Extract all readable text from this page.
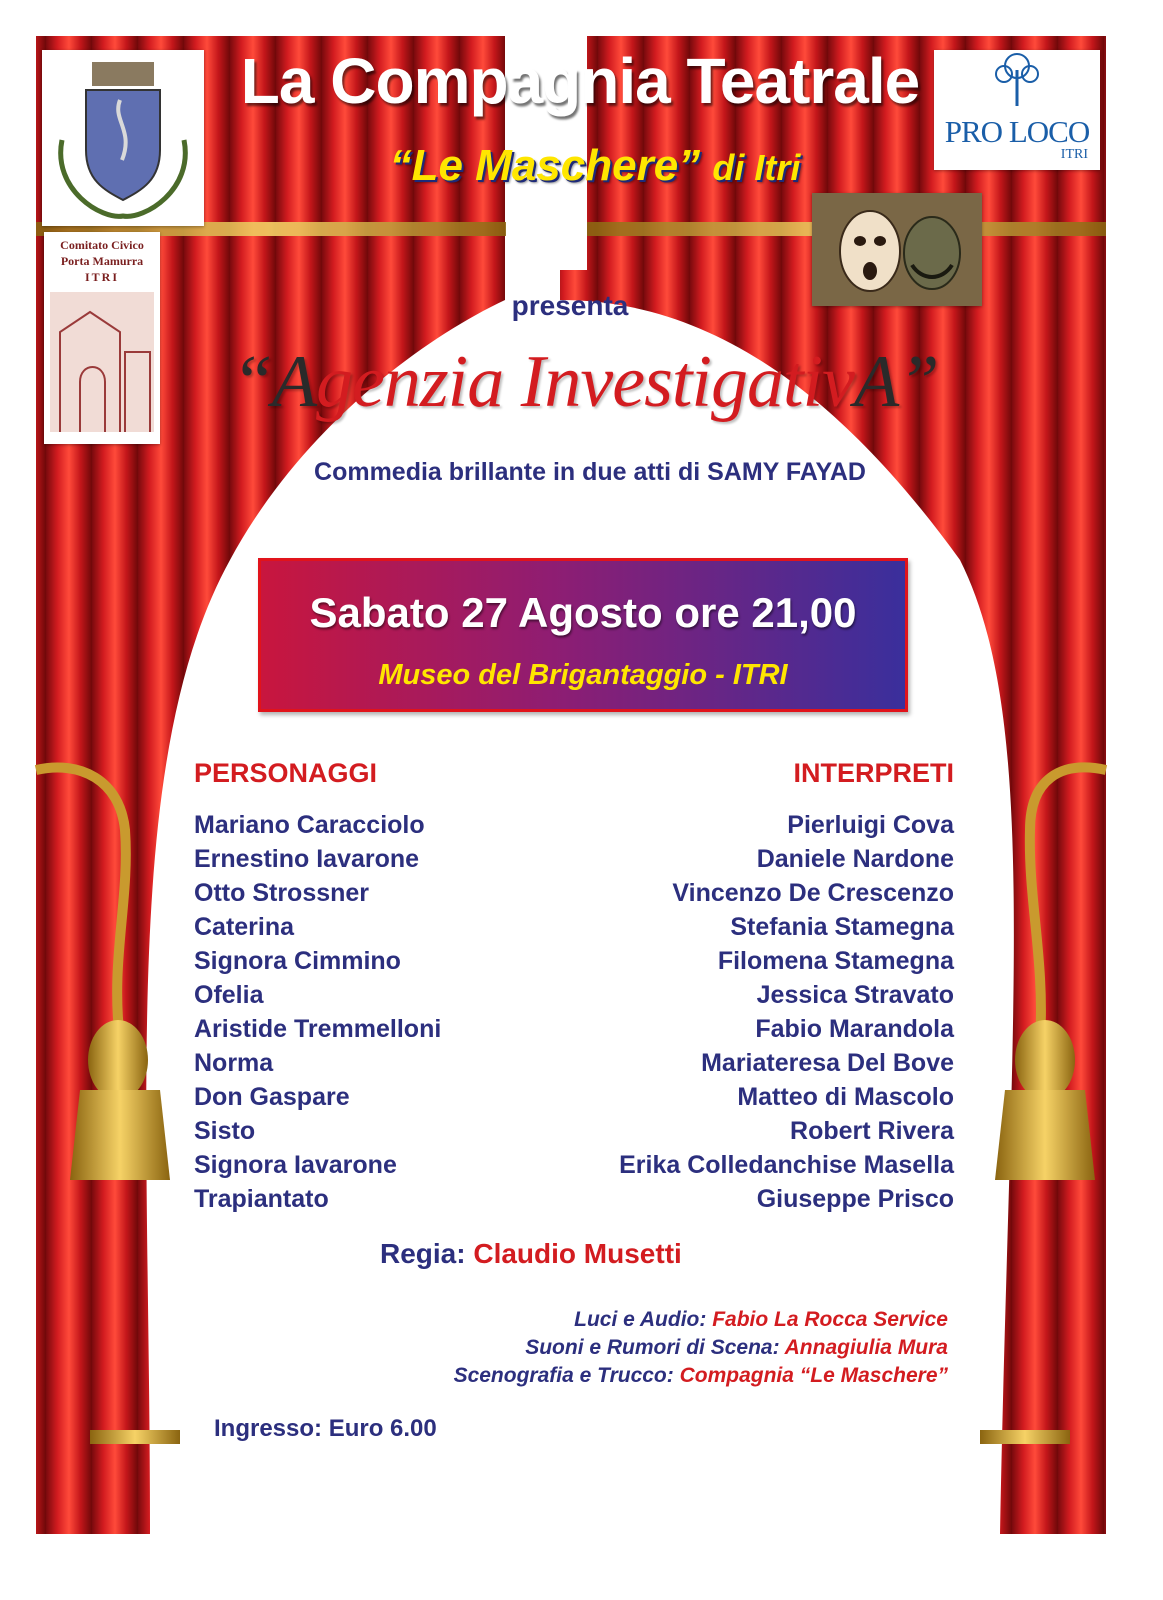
PRO LOCO
ITRI
Comitato Civico
Porta Mamurra
ITRI
La Compagnia Teatrale
“Le Maschere” di Itri
presenta
“Agenzia InvestigativA”
Commedia brillante in due atti di SAMY FAYAD
Sabato 27 Agosto ore 21,00
Museo del Brigantaggio - ITRI
PERSONAGGI	INTERPRETI
Mariano Caracciolo
Ernestino Iavarone
Otto Strossner
Caterina
Signora Cimmino
Ofelia
Aristide Tremmelloni
Norma
Don Gaspare
Sisto
Signora Iavarone
Trapiantato
Pierluigi Cova
Daniele Nardone
Vincenzo De Crescenzo
Stefania Stamegna
Filomena Stamegna
Jessica Stravato
Fabio Marandola
Mariateresa Del Bove
Matteo di Mascolo
Robert Rivera
Erika Colledanchise Masella
Giuseppe Prisco
Regia: Claudio Musetti
Luci e Audio: Fabio La Rocca Service
Suoni e Rumori di Scena: Annagiulia Mura
Scenografia e Trucco: Compagnia “Le Maschere”
Ingresso: Euro 6.00
